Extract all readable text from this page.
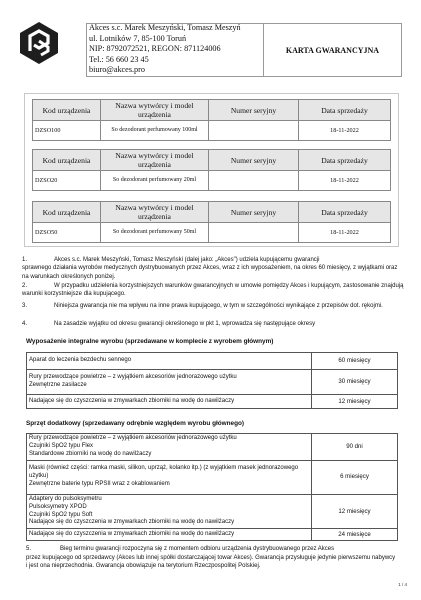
Akces s.c. Marek Meszyński, Tomasz Meszyń
ul. Lotników 7, 85-100 Toruń
NIP: 8792072521, REGON: 871124006
Tel.: 56 660 23 45
biuro@akces.pro
KARTA GWARANCYJNA
Kod urządzenia	Nazwa wytwórcy i model urządzenia	Numer seryjny	Data sprzedaży
DZSO100	So dezodorant perfumowany 100ml		18-11-2022
Kod urządzenia	Nazwa wytwórcy i model urządzenia	Numer seryjny	Data sprzedaży
DZSO20	So dezodorant perfumowany 20ml		18-11-2022
Kod urządzenia	Nazwa wytwórcy i model urządzenia	Numer seryjny	Data sprzedaży
DZSO50	So dezodorant perfumowany 50ml		18-11-2022
1.	Akces s.c. Marek Meszyński, Tomasz Meszyński (dalej jako: „Akces") udziela kupującemu gwarancji
sprawnego działania wyrobów medycznych dystrybuowanych przez Akces, wraz z ich wyposażeniem, na okres 60 miesięcy, z wyjątkami oraz na warunkach określonych poniżej.
2.	W przypadku udzielenia korzystniejszych warunków gwarancyjnych w umowie pomiędzy Akces i kupującym, zastosowanie znajdują warunki korzystniejsze dla kupującego.
3.	Niniejsza gwarancja nie ma wpływu na inne prawa kupującego, w tym w szczególności wynikające z przepisów dot. rękojmi.
4.	Na zasadzie wyjątku od okresu gwarancji określonego w pkt 1, wprowadza się następujące okresy
Wyposażenie integralne wyrobu (sprzedawane w komplecie z wyrobem głównym)
Aparat do leczenia bezdechu sennego	60 miesięcy
Rury przewodzące powietrze – z wyjątkiem akcesoriów jednorazowego użytku
Zewnętrzne zasilacze	30 miesięcy
Nadające się do czyszczenia w zmywarkach zbiorniki na wodę do nawilżaczy	12 miesięcy
Sprzęt dodatkowy (sprzedawany odrębnie względem wyrobu głównego)
Rury przewodzące powietrze – z wyjątkiem akcesoriów jednorazowego użytku
Czujniki SpO2 typu Flex
Standardowe zbiorniki na wodę do nawilżaczy	90 dni
Maski (również części: ramka maski, silikon, uprząż, kolanko itp.) (z wyjątkiem masek jednorazowego użytku)
Zewnętrzne baterie typu RPSII wraz z okablowaniem	6 miesięcy
Adaptery do pulsoksymetru
Pulsoksymetry XPOD
Czujniki SpO2 typu Soft
Nadające się do czyszczenia w zmywarkach zbiorniki na wodę do nawilżaczy	12 miesięcy
Nadające się do czyszczenia w zmywarkach zbiorniki na wodę do nawilżaczy	24 miesięce
5.	Bieg terminu gwarancji rozpoczyna się z momentem odbioru urządzenia dystrybuowanego przez Akces
przez kupującego od sprzedawcy (Akces lub innej spółki dostarczającej towar Akces). Gwarancja przysługuje jedynie pierwszemu nabywcy i jest ona nieprzechodnia. Gwarancja obowiązuje na terytorium Rzeczpospolitej Polskiej.
1 / 4
